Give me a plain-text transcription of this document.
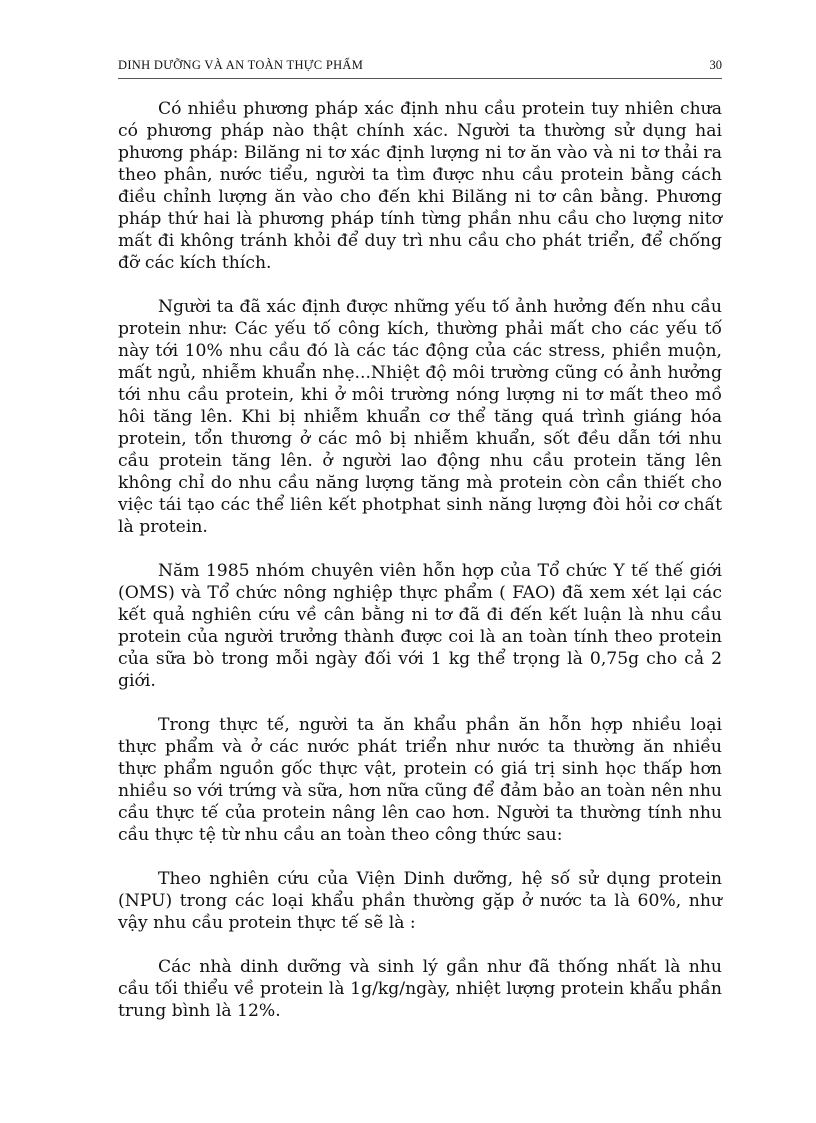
DINH DƯỠNG VÀ AN TOÀN THỰC PHẨM	30

Có nhiều phương pháp xác định nhu cầu protein tuy nhiên chưa có phương pháp nào thật chính xác. Người ta thường sử dụng hai phương pháp: Bilăng ni tơ xác định lượng ni tơ ăn vào và ni tơ thải ra theo phân, nước tiểu, người ta tìm được nhu cầu protein bằng cách điều chỉnh lượng ăn vào cho đến khi Bilăng ni tơ cân bằng. Phương pháp thứ hai là phương pháp tính từng phần nhu cầu cho lượng nitơ mất đi không tránh khỏi để duy trì nhu cầu cho phát triển, để chống đỡ các kích thích.

Người ta đã xác định được những yếu tố ảnh hưởng đến nhu cầu protein như: Các yếu tố công kích, thường phải mất cho các yếu tố này tới 10% nhu cầu đó là các tác động của các stress, phiền muộn, mất ngủ, nhiễm khuẩn nhẹ...Nhiệt độ môi trường cũng có ảnh hưởng tới nhu cầu protein, khi ở môi trường nóng lượng ni tơ mất theo mồ hôi tăng lên. Khi bị nhiễm khuẩn cơ thể tăng quá trình giáng hóa protein, tổn thương ở các mô bị nhiễm khuẩn, sốt đều dẫn tới nhu cầu protein tăng lên. ở người lao động nhu cầu protein tăng lên không chỉ do nhu cầu năng lượng tăng mà protein còn cần thiết cho việc tái tạo các thể liên kết photphat sinh năng lượng đòi hỏi cơ chất là protein.

Năm 1985 nhóm chuyên viên hỗn hợp của Tổ chức Y tế thế giới (OMS) và Tổ chức nông nghiệp thực phẩm ( FAO) đã xem xét lại các kết quả nghiên cứu về cân bằng ni tơ đã đi đến kết luận là nhu cầu protein của người trưởng thành được coi là an toàn tính theo protein của sữa bò trong mỗi ngày đối với 1 kg thể trọng là 0,75g cho cả 2 giới.

Trong thực tế, người ta ăn khẩu phần ăn hỗn hợp nhiều loại thực phẩm và ở các nước phát triển như nước ta thường ăn nhiều thực phẩm nguồn gốc thực vật, protein có giá trị sinh học thấp hơn nhiều so với trứng và sữa, hơn nữa cũng để đảm bảo an toàn nên nhu cầu thực tế của protein nâng lên cao hơn. Người ta thường tính nhu cầu thực tệ từ nhu cầu an toàn theo công thức sau:

Theo nghiên cứu của Viện Dinh dưỡng, hệ số sử dụng protein (NPU) trong các loại khẩu phần thường gặp ở nước ta là 60%, như vậy nhu cầu protein thực tế sẽ là :

Các nhà dinh dưỡng và sinh lý gần như đã thống nhất là nhu cầu tối thiểu về protein là 1g/kg/ngày, nhiệt lượng protein khẩu phần trung bình là 12%.
